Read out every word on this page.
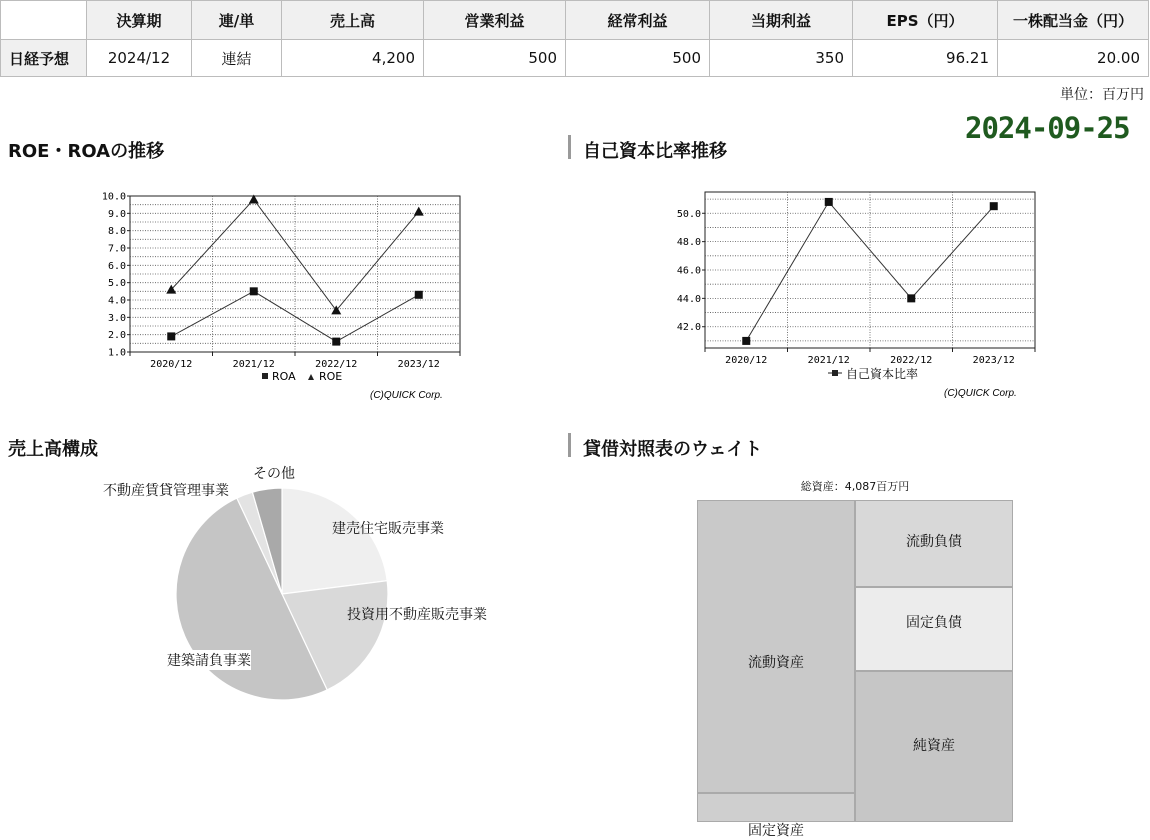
	決算期	連/単	売上高	営業利益	経常利益	当期利益	EPS（円）	一株配当金（円）
日経予想	2024/12	連結	4,200	500	500	350	96.21	20.00
単位：百万円
2024-09-25
ROE・ROAの推移	自己資本比率推移
売上高構成	貸借対照表のウェイト
1.0
2.0
3.0
4.0
5.0
6.0
7.0
8.0
9.0
10.0
2020/12	2021/12	2022/12	2023/12
ROA ROE
(C)QUICK Corp.
42.0
44.0
46.0
48.0
50.0
2020/12	2021/12	2022/12	2023/12
自己資本比率
(C)QUICK Corp.
建売住宅販売事業
投資用不動産販売事業
建築請負事業
不動産賃貸管理事業
その他
総資産：4,087百万円
流動資産
固定資産
流動負債
固定負債
純資産
